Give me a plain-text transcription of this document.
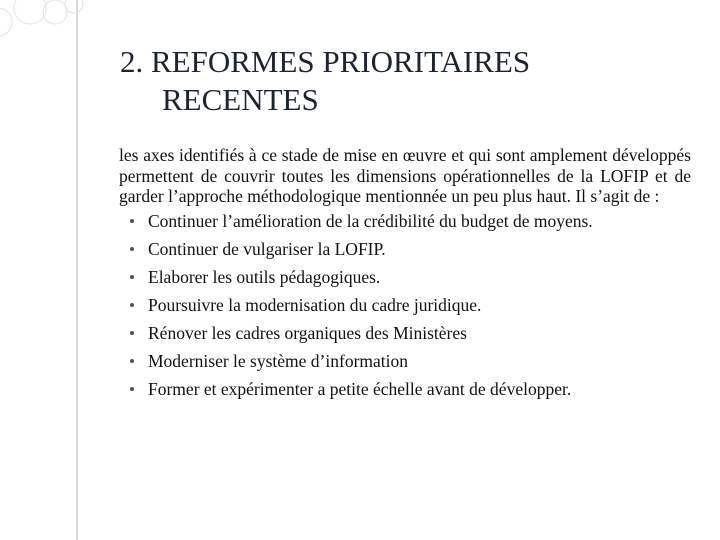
2. REFORMES PRIORITAIRES
RECENTES

les axes identifiés à ce stade de mise en œuvre et qui sont amplement développés permettent de couvrir toutes les dimensions opérationnelles de la LOFIP et de garder l’approche méthodologique mentionnée un peu plus haut. Il s’agit de :

Continuer l’amélioration de la crédibilité du budget de moyens.
Continuer de vulgariser la LOFIP.
Elaborer les outils pédagogiques.
Poursuivre la modernisation du cadre juridique.
Rénover les cadres organiques des Ministères
Moderniser le système d’information
Former et expérimenter a petite échelle avant de développer.
